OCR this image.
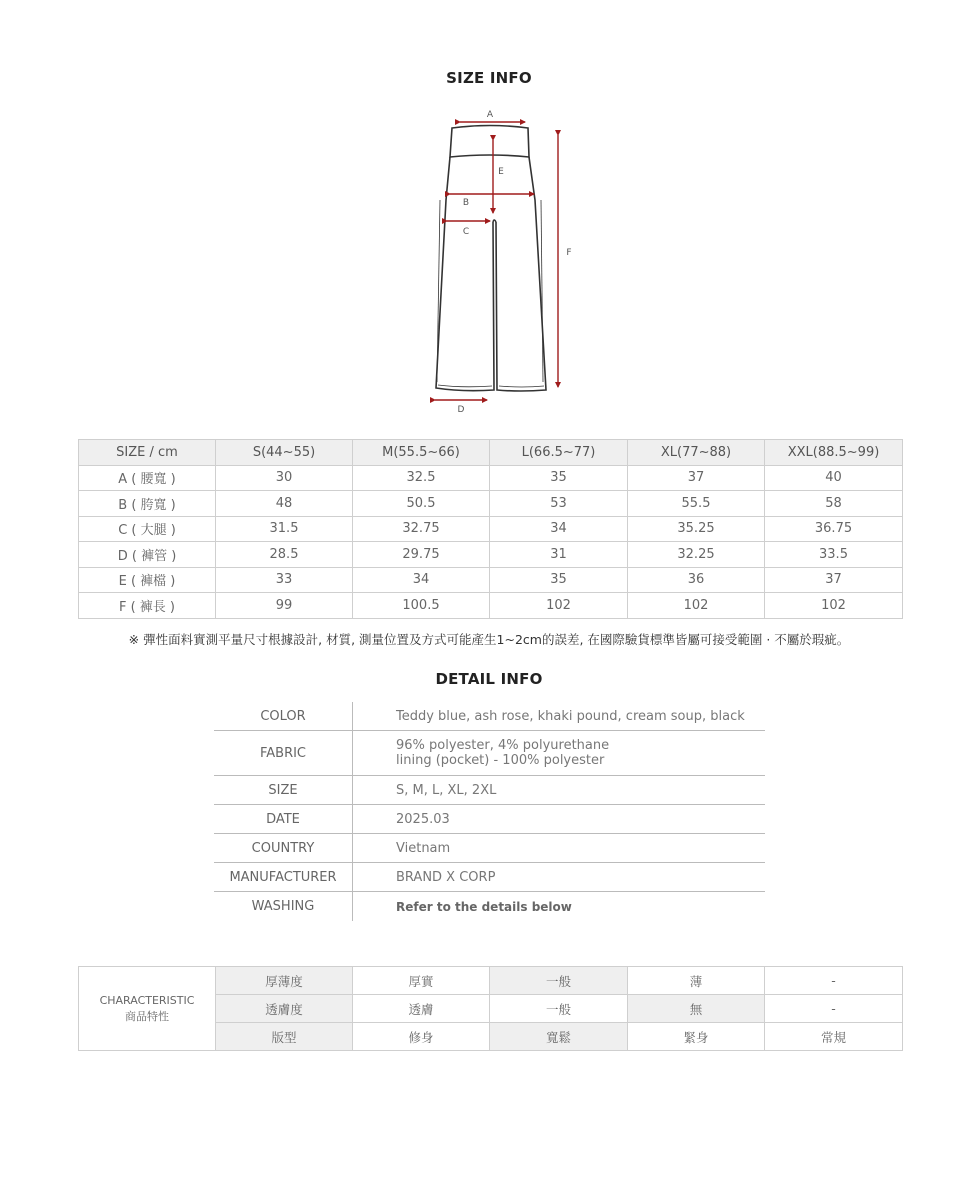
SIZE INFO
A
E
B
C
D
F
SIZE / cm	S(44~55)	M(55.5~66)	L(66.5~77)	XL(77~88)	XXL(88.5~99)
A ( 腰寬 )	30	32.5	35	37	40
B ( 胯寬 )	48	50.5	53	55.5	58
C ( 大腿 )	31.5	32.75	34	35.25	36.75
D ( 褲管 )	28.5	29.75	31	32.25	33.5
E ( 褲檔 )	33	34	35	36	37
F ( 褲長 )	99	100.5	102	102	102
※ 彈性面料實測平量尺寸根據設計, 材質, 測量位置及方式可能產生1~2cm的誤差, 在國際驗貨標準皆屬可接受範圍 · 不屬於瑕疵。
DETAIL INFO
COLOR	Teddy blue, ash rose, khaki pound, cream soup, black
FABRIC	96% polyester, 4% polyurethane
lining (pocket) - 100% polyester
SIZE	S, M, L, XL, 2XL
DATE	2025.03
COUNTRY	Vietnam
MANUFACTURER	BRAND X CORP
WASHING	Refer to the details below
CHARACTERISTIC
商品特性	厚薄度	厚實	一般	薄	-
	透膚度	透膚	一般	無	-
	版型	修身	寬鬆	緊身	常規
